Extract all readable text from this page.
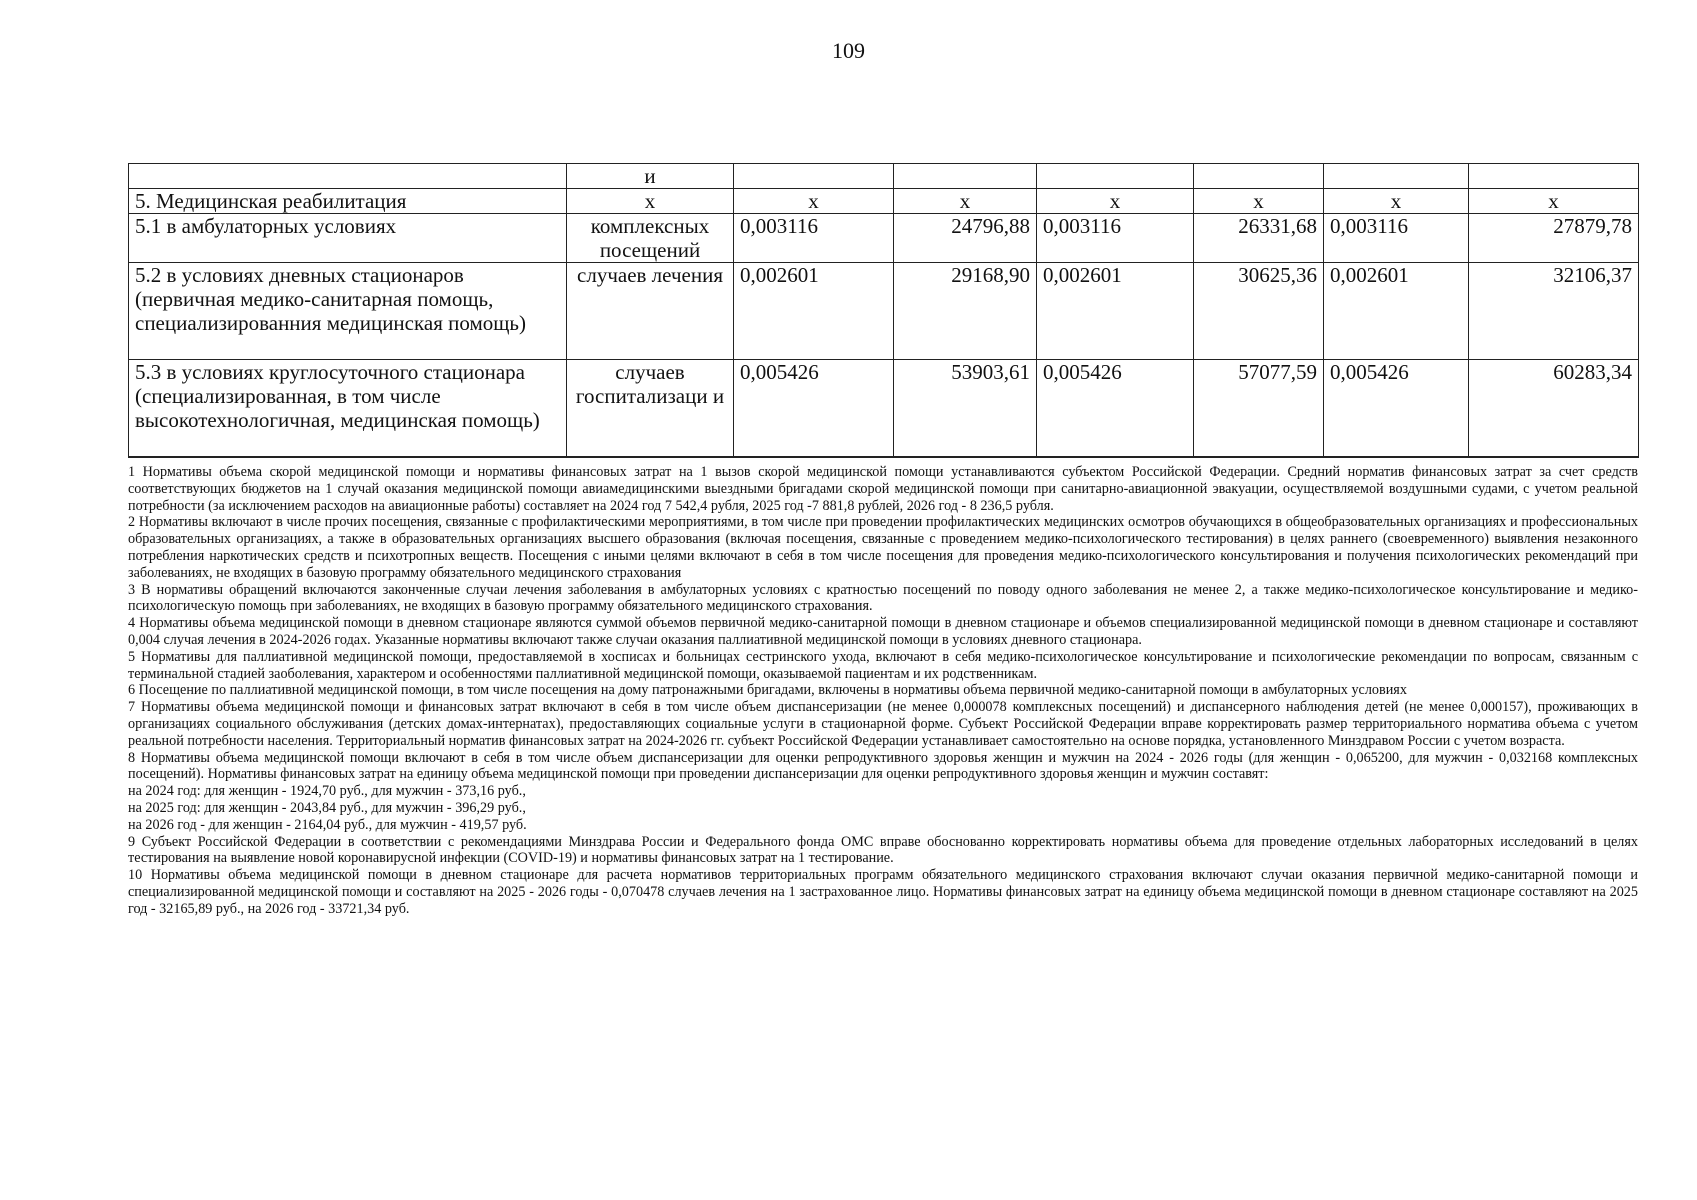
109
	и						
5. Медицинская реабилитация	х	х	х	х	х	х	х
5.1 в амбулаторных условиях	комплексных посещений	0,003116	24796,88	0,003116	26331,68	0,003116	27879,78
5.2 в условиях дневных стационаров (первичная медико-санитарная помощь, специализированния медицинская помощь)	случаев лечения	0,002601	29168,90	0,002601	30625,36	0,002601	32106,37
5.3 в условиях круглосуточного стационара (специализированная, в том числе высокотехнологичная, медицинская помощь)	случаев госпитализаци и	0,005426	53903,61	0,005426	57077,59	0,005426	60283,34

1 Нормативы объема скорой медицинской помощи и нормативы финансовых затрат на 1 вызов скорой медицинской помощи устанавливаются субъектом Российской Федерации. Средний норматив финансовых затрат за счет средств соответствующих бюджетов на 1 случай оказания медицинской помощи авиамедицинскими выездными бригадами скорой медицинской помощи при санитарно-авиационной эвакуации, осуществляемой воздушными судами, с учетом реальной потребности (за исключением расходов на авиационные работы) составляет на 2024 год 7 542,4 рубля, 2025 год -7 881,8 рублей, 2026 год - 8 236,5 рубля.

2 Нормативы включают в числе прочих посещения, связанные с профилактическими мероприятиями, в том числе при проведении профилактических медицинских осмотров обучающихся в общеобразовательных организациях и профессиональных образовательных организациях, а также в образовательных организациях высшего образования (включая посещения, связанные с проведением медико-психологического тестирования) в целях раннего (своевременного) выявления незаконного потребления наркотических средств и психотропных веществ. Посещения с иными целями включают в себя в том числе посещения для проведения медико-психологического консультирования и получения психологических рекомендаций при заболеваниях, не входящих в базовую программу обязательного медицинского страхования

3 В нормативы обращений включаются законченные случаи лечения заболевания в амбулаторных условиях с кратностью посещений по поводу одного заболевания не менее 2, а также медико-психологическое консультирование и медико-психологическую помощь при заболеваниях, не входящих в базовую программу обязательного медицинского страхования.

4 Нормативы объема медицинской помощи в дневном стационаре являются суммой объемов первичной медико-санитарной помощи в дневном стационаре и объемов специализированной медицинской помощи в дневном стационаре и составляют 0,004 случая лечения в 2024-2026 годах. Указанные нормативы включают также случаи оказания паллиативной медицинской помощи в условиях дневного стационара.

5 Нормативы для паллиативной медицинской помощи, предоставляемой в хосписах и больницах сестринского ухода, включают в себя медико-психологическое консультирование и психологические рекомендации по вопросам, связанным с терминальной стадией заоболевания, характером и особенностями паллиативной медицинской помощи, оказываемой пациентам и их родственникам.

6 Посещениe по паллиативной медицинской помощи, в том числе посещения на дому патронажными бригадами, включены в нормативы объема первичной медико-санитарной помощи в амбулаторных условиях

7 Нормативы объема медицинской помощи и финансовых затрат включают в себя в том числе объем диспансеризации (не менее 0,000078 комплексных посещений) и диспансерного наблюдения детей (не менее 0,000157), проживающих в организациях социального обслуживания (детских домах-интернатах), предоставляющих социальные услуги в стационарной форме. Субъект Российской Федерации вправе корректировать размер территориального норматива объема с учетом реальной потребности населения. Территориальный норматив финансовых затрат на 2024-2026 гг. субъект Российской Федерации устанавливает самостоятельно на основе порядка, установленного Минздравом России с учетом возраста.

8 Нормативы объема медицинской помощи включают в себя в том числе объем диспансеризации для оценки репродуктивного здоровья женщин и мужчин на 2024 - 2026 годы (для женщин - 0,065200, для мужчин - 0,032168 комплексных посещений). Нормативы финансовых затрат на единицу объема медицинской помощи при проведении диспансеризации для оценки репродуктивного здоровья женщин и мужчин составят:

на 2024 год: для женщин - 1924,70 руб., для мужчин - 373,16 руб.,

на 2025 год: для женщин - 2043,84 руб., для мужчин - 396,29 руб.,

на 2026 год - для женщин - 2164,04 руб., для мужчин - 419,57 руб.

9 Субъект Российской Федерации в соответствии с рекомендациями Минздрава России и Федерального фонда ОМС вправе обоснованно корректировать нормативы объема для проведение отдельных лабораторных исследований в целях тестирования на выявление новой коронавирусной инфекции (COVID-19) и нормативы финансовых затрат на 1 тестирование.

10 Нормативы объема медицинской помощи в дневном стационаре для расчета нормативов территориальных программ обязательного медицинского страхования включают случаи оказания первичной медико-санитарной помощи и специализированной медицинской помощи и составляют на 2025 - 2026 годы - 0,070478 случаев лечения на 1 застрахованное лицо. Нормативы финансовых затрат на единицу объема медицинской помощи в дневном стационаре составляют на 2025 год - 32165,89 руб., на 2026 год - 33721,34 руб.
